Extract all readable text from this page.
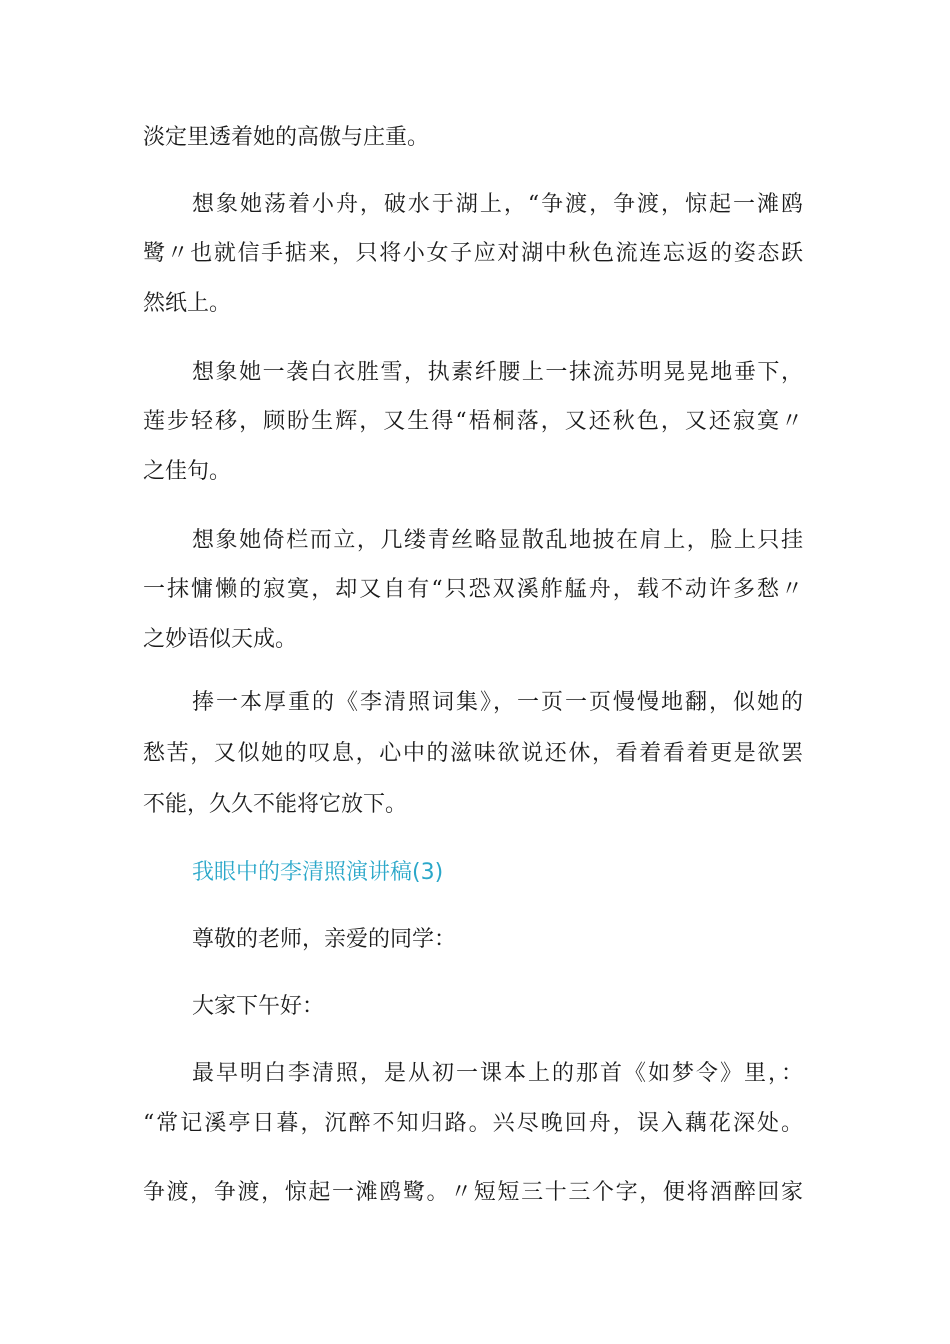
淡定里透着她的高傲与庄重。
想象她荡着小舟，破水于湖上，“争渡，争渡，惊起一滩鸥
鹭〃也就信手掂来，只将小女子应对湖中秋色流连忘返的姿态跃
然纸上。
想象她一袭白衣胜雪，执素纤腰上一抹流苏明晃晃地垂下，
莲步轻移，顾盼生辉，又生得“梧桐落，又还秋色，又还寂寞〃
之佳句。
想象她倚栏而立，几缕青丝略显散乱地披在肩上，脸上只挂
一抹慵懒的寂寞，却又自有“只恐双溪舴艋舟，载不动许多愁〃
之妙语似天成。
捧一本厚重的《李清照词集》，一页一页慢慢地翻，似她的
愁苦，又似她的叹息，心中的滋味欲说还休，看着看着更是欲罢
不能，久久不能将它放下。
我眼中的李清照演讲稿(3)
尊敬的老师，亲爱的同学：
大家下午好：
最早明白李清照，是从初一课本上的那首《如梦令》里，：
“常记溪亭日暮，沉醉不知归路。兴尽晚回舟，误入藕花深处。
争渡，争渡，惊起一滩鸥鹭。〃短短三十三个字，便将酒醉回家
